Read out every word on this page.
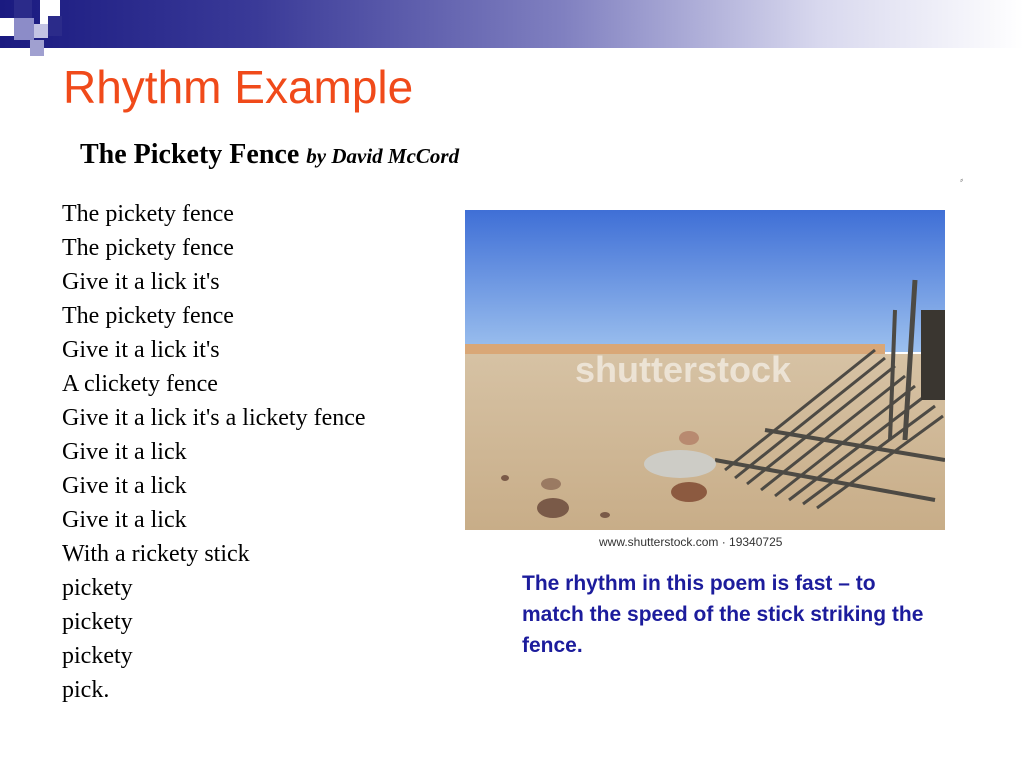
Rhythm Example
The Pickety Fence by David McCord
⸗
The pickety fence
The pickety fence
Give it a lick it's
The pickety fence
Give it a lick it's
A clickety fence
Give it a lick it's a lickety fence
Give it a lick
Give it a lick
Give it a lick
With a rickety stick
pickety
pickety
pickety
pick.
shutterstock
www.shutterstock.com · 19340725
The rhythm in this poem is fast – to match the speed of the stick striking the fence.
